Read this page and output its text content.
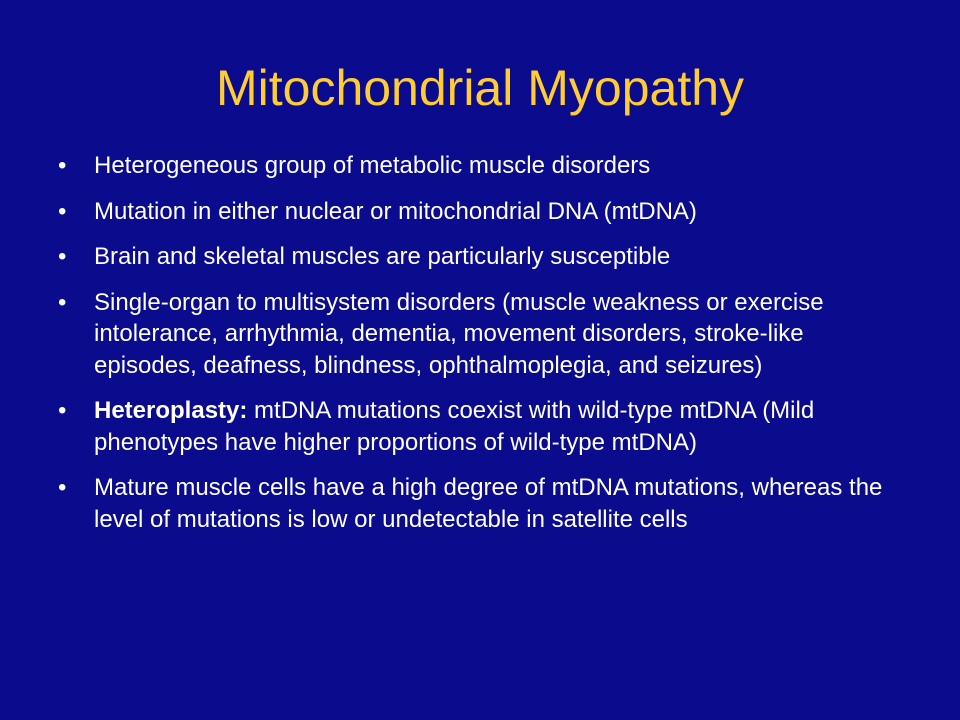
Mitochondrial Myopathy
•	Heterogeneous group of metabolic muscle disorders
•	Mutation in either nuclear or mitochondrial DNA (mtDNA)
•	Brain and skeletal muscles are particularly susceptible
•	Single-organ to multisystem disorders (muscle weakness or exercise intolerance, arrhythmia, dementia, movement disorders, stroke-like episodes, deafness, blindness, ophthalmoplegia, and seizures)
•	Heteroplasty: mtDNA mutations coexist with wild-type mtDNA (Mild phenotypes have higher proportions of wild-type mtDNA)
•	Mature muscle cells have a high degree of mtDNA mutations, whereas the level of mutations is low or undetectable in satellite cells
